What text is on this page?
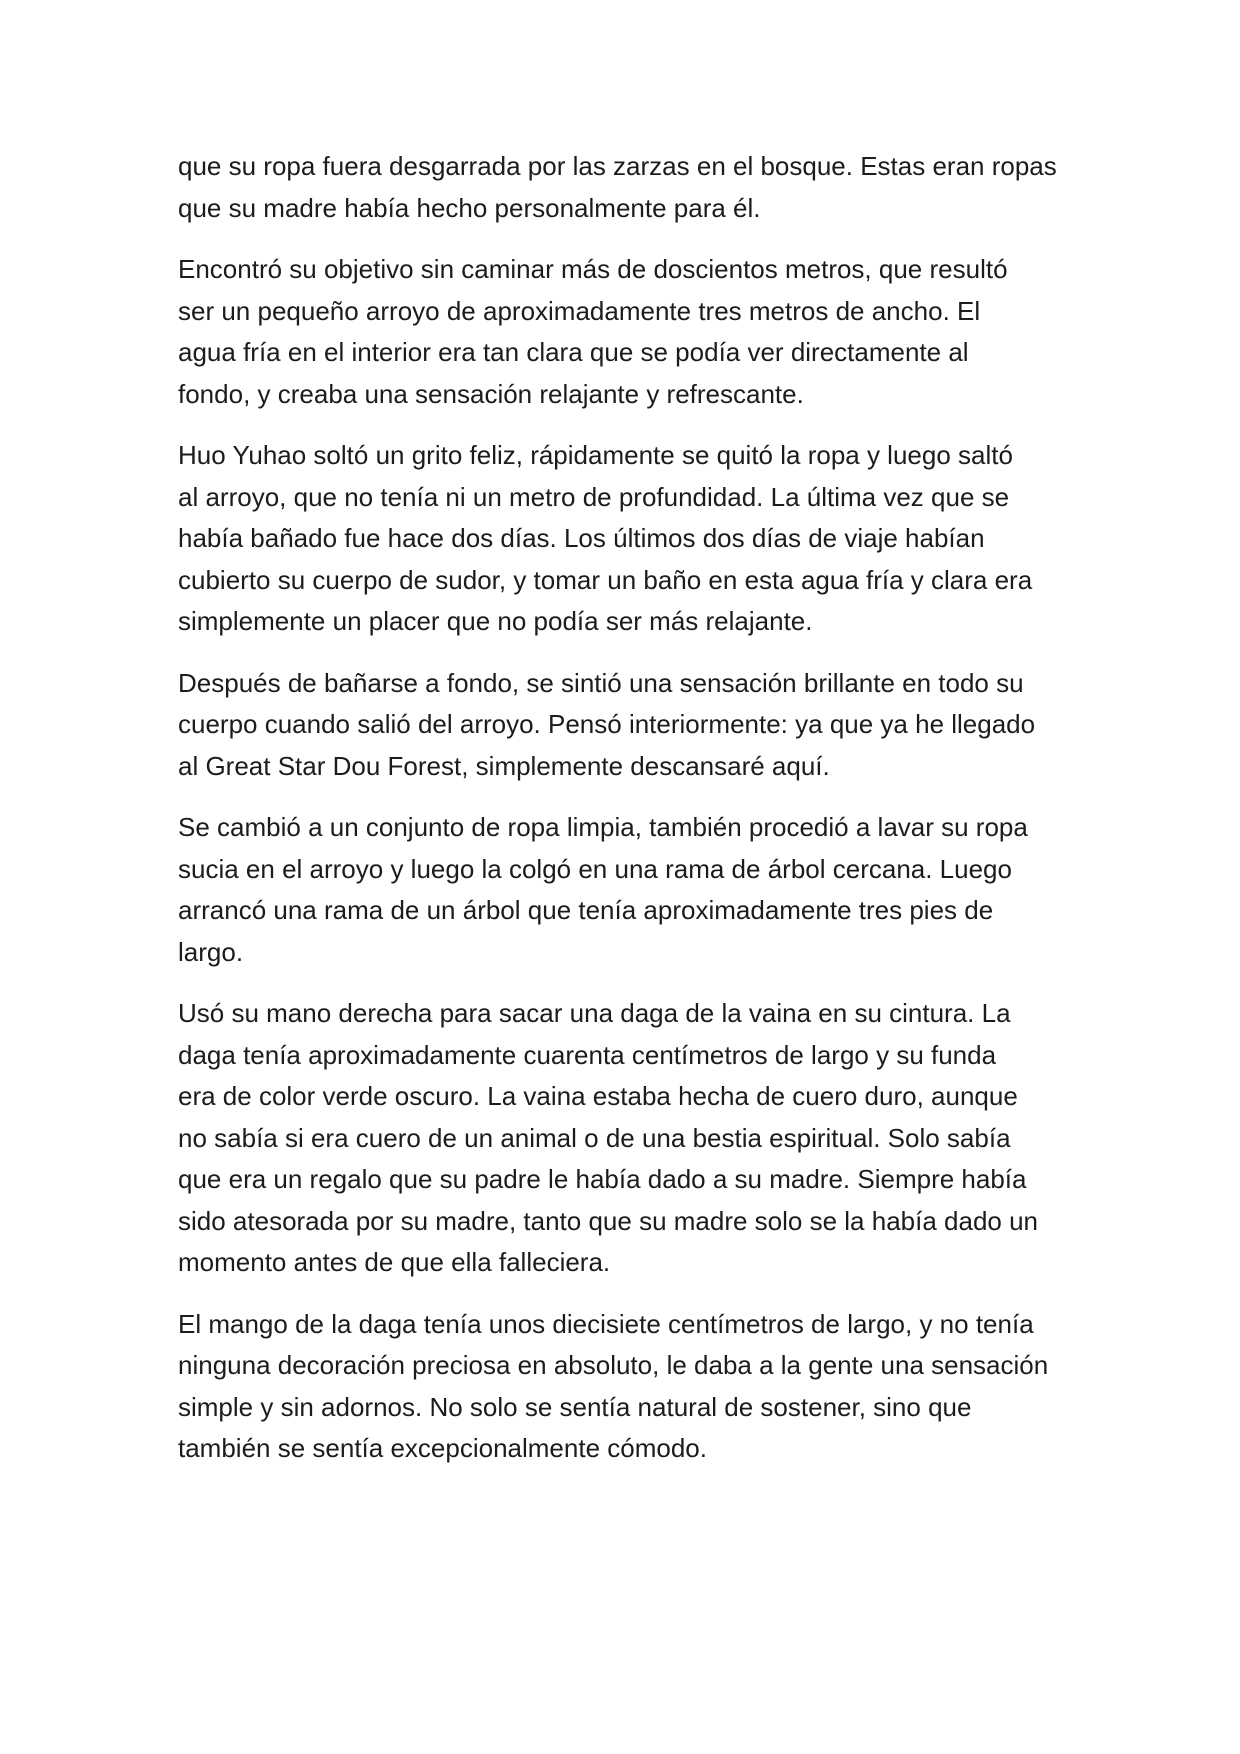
que su ropa fuera desgarrada por las zarzas en el bosque. Estas eran ropas
que su madre había hecho personalmente para él.

Encontró su objetivo sin caminar más de doscientos metros, que resultó
ser un pequeño arroyo de aproximadamente tres metros de ancho. El
agua fría en el interior era tan clara que se podía ver directamente al
fondo, y creaba una sensación relajante y refrescante.

Huo Yuhao soltó un grito feliz, rápidamente se quitó la ropa y luego saltó
al arroyo, que no tenía ni un metro de profundidad. La última vez que se
había bañado fue hace dos días. Los últimos dos días de viaje habían
cubierto su cuerpo de sudor, y tomar un baño en esta agua fría y clara era
simplemente un placer que no podía ser más relajante.

Después de bañarse a fondo, se sintió una sensación brillante en todo su
cuerpo cuando salió del arroyo. Pensó interiormente: ya que ya he llegado
al Great Star Dou Forest, simplemente descansaré aquí.

Se cambió a un conjunto de ropa limpia, también procedió a lavar su ropa
sucia en el arroyo y luego la colgó en una rama de árbol cercana. Luego
arrancó una rama de un árbol que tenía aproximadamente tres pies de
largo.

Usó su mano derecha para sacar una daga de la vaina en su cintura. La
daga tenía aproximadamente cuarenta centímetros de largo y su funda
era de color verde oscuro. La vaina estaba hecha de cuero duro, aunque
no sabía si era cuero de un animal o de una bestia espiritual. Solo sabía
que era un regalo que su padre le había dado a su madre. Siempre había
sido atesorada por su madre, tanto que su madre solo se la había dado un
momento antes de que ella falleciera.

El mango de la daga tenía unos diecisiete centímetros de largo, y no tenía
ninguna decoración preciosa en absoluto, le daba a la gente una sensación
simple y sin adornos. No solo se sentía natural de sostener, sino que
también se sentía excepcionalmente cómodo.
